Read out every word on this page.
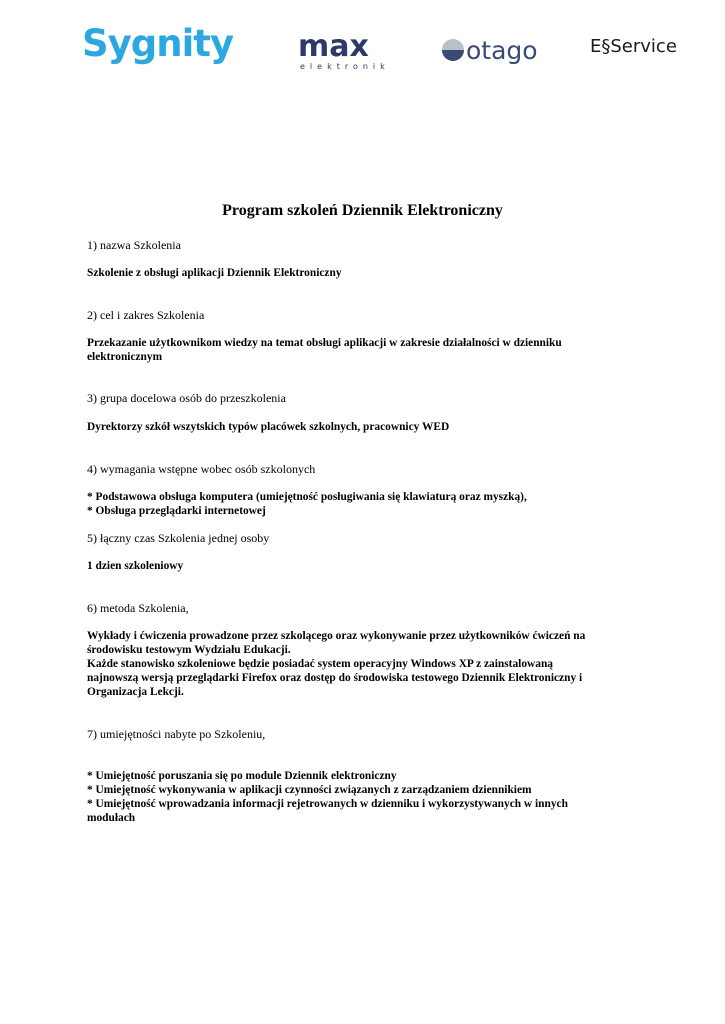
Sygnity max
elektronik
otago	E§Service
Program szkoleń Dziennik Elektroniczny
1) nazwa Szkolenia
Szkolenie z obsługi aplikacji Dziennik Elektroniczny
2) cel i zakres Szkolenia
Przekazanie użytkownikom wiedzy na temat obsługi aplikacji w zakresie działalności w dzienniku
elektronicznym
3) grupa docelowa osób do przeszkolenia
Dyrektorzy szkół wszytskich typów placówek szkolnych, pracownicy WED
4) wymagania wstępne wobec osób szkolonych
* Podstawowa obsługa komputera (umiejętność posługiwania się klawiaturą oraz myszką),
* Obsługa przeglądarki internetowej
5) łączny czas Szkolenia jednej osoby
1 dzien szkoleniowy
6) metoda Szkolenia,
Wykłady i ćwiczenia prowadzone przez szkolącego oraz wykonywanie przez użytkowników ćwiczeń na
środowisku testowym Wydziału Edukacji.
Każde stanowisko szkoleniowe będzie posiadać system operacyjny Windows XP z zainstalowaną
najnowszą wersją przeglądarki Firefox oraz dostęp do środowiska testowego Dziennik Elektroniczny i
Organizacja Lekcji.
7) umiejętności nabyte po Szkoleniu,
* Umiejętność poruszania się po module Dziennik elektroniczny
* Umiejętność wykonywania w aplikacji czynności związanych z zarządzaniem dziennikiem
* Umiejętność wprowadzania informacji rejetrowanych w dzienniku i wykorzystywanych w innych
modułach
